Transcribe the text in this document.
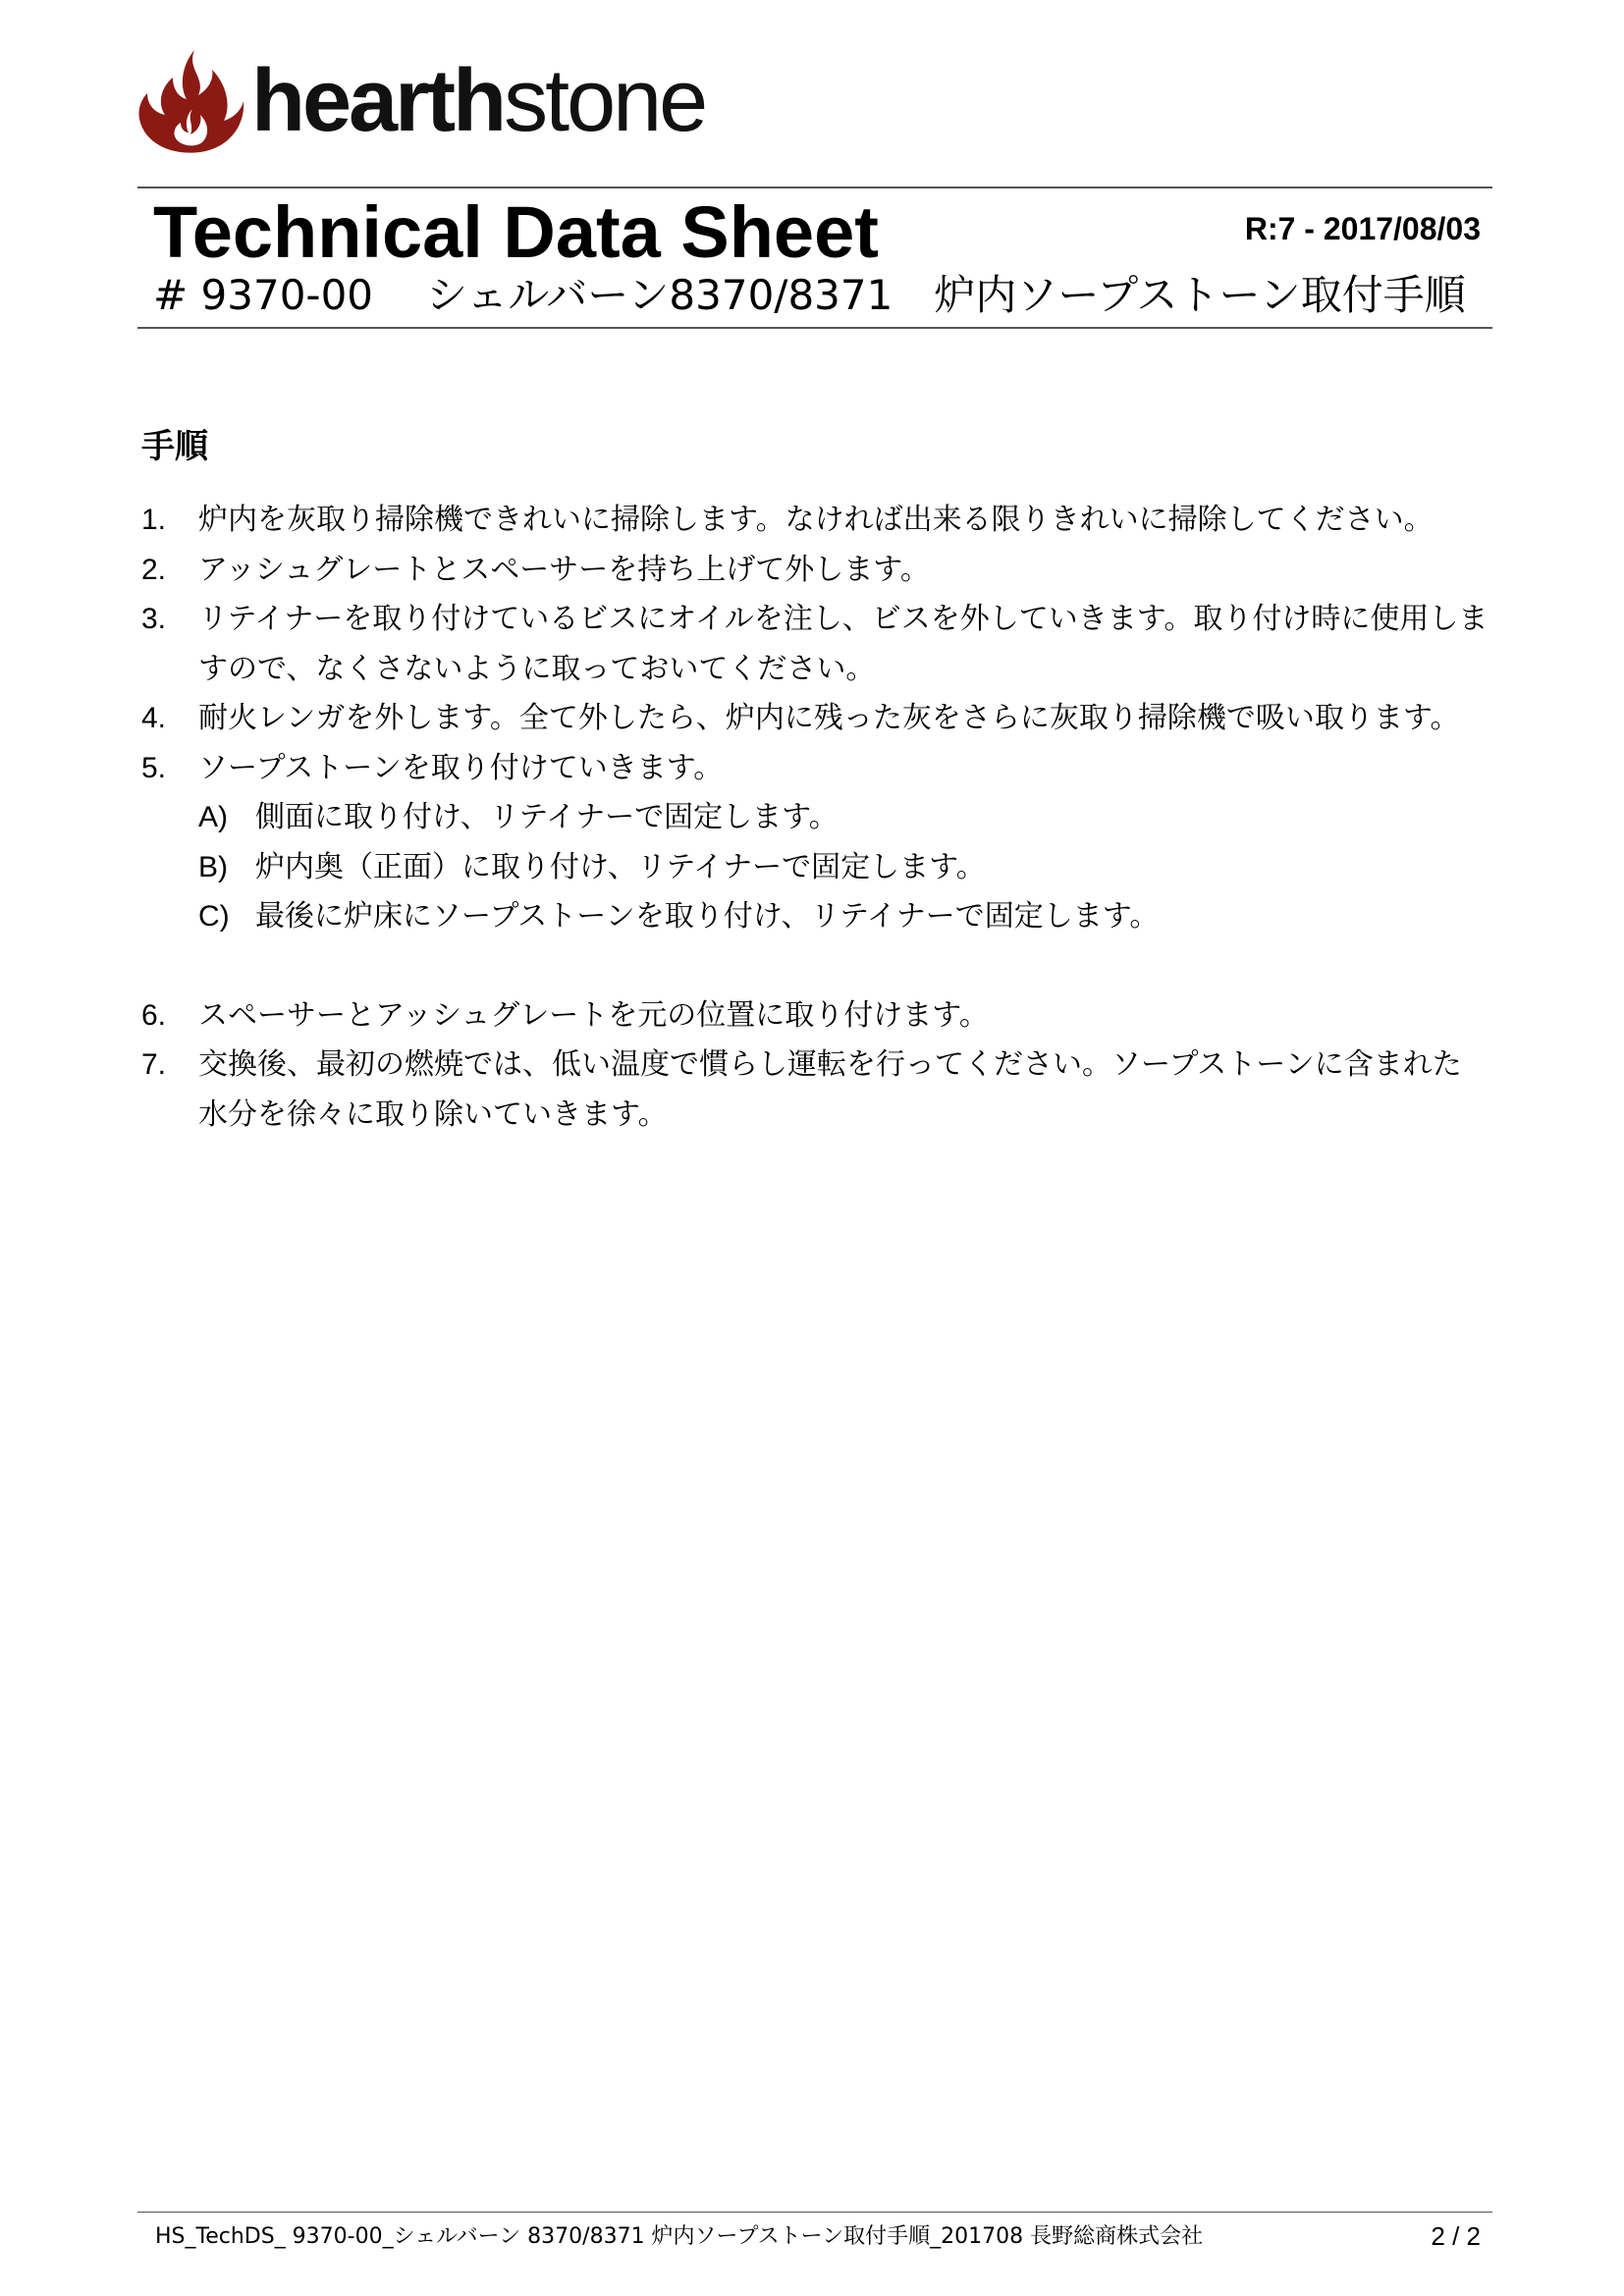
hearthstone
Technical Data Sheet	R:7 - 2017/08/03
# 9370-00 シェルバーン8370/8371　炉内ソープストーン取付手順
手順
1. 炉内を灰取り掃除機できれいに掃除します。なければ出来る限りきれいに掃除してください。
2. アッシュグレートとスペーサーを持ち上げて外します。
3. リテイナーを取り付けているビスにオイルを注し、ビスを外していきます。取り付け時に使用しま
すので、なくさないように取っておいてください。
4. 耐火レンガを外します。全て外したら、炉内に残った灰をさらに灰取り掃除機で吸い取ります。
5. ソープストーンを取り付けていきます。
A) 側面に取り付け、リテイナーで固定します。
B) 炉内奥（正面）に取り付け、リテイナーで固定します。
C) 最後に炉床にソープストーンを取り付け、リテイナーで固定します。
6. スペーサーとアッシュグレートを元の位置に取り付けます。
7. 交換後、最初の燃焼では、低い温度で慣らし運転を行ってください。ソープストーンに含まれた
水分を徐々に取り除いていきます。
HS_TechDS_ 9370-00_シェルバーン 8370/8371 炉内ソープストーン取付手順_201708 長野総商株式会社	2 / 2
